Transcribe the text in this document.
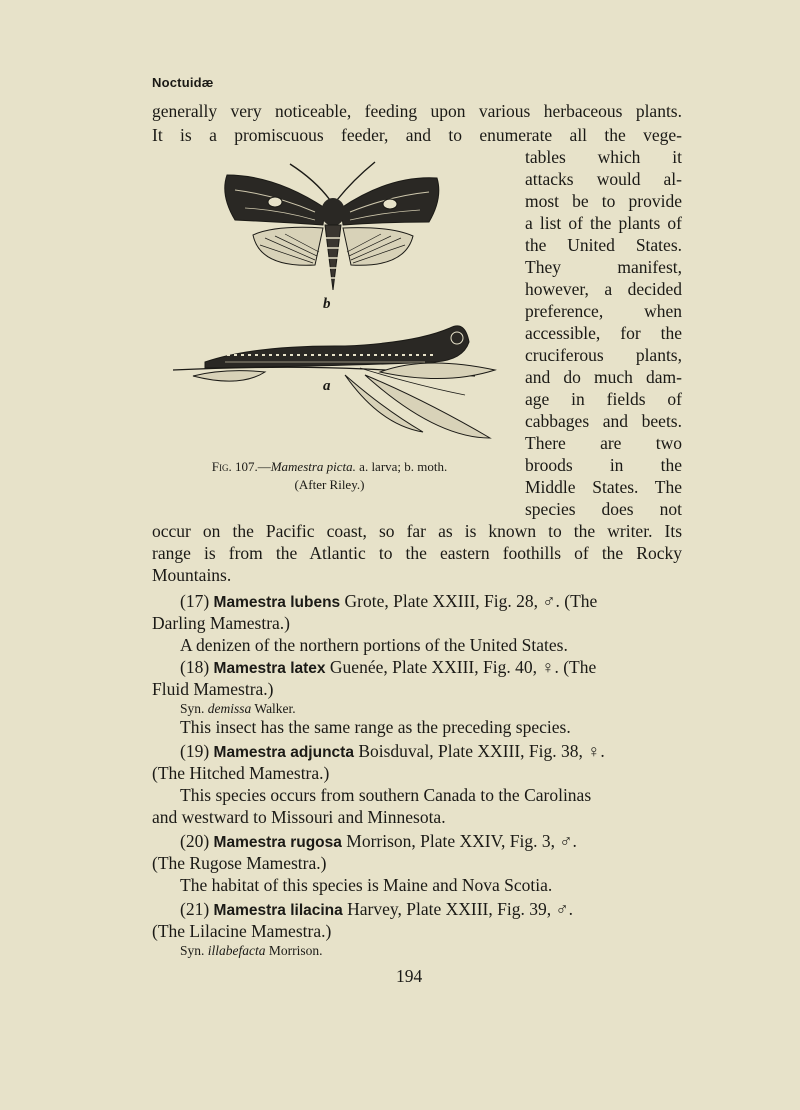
Noctuidæ
generally very noticeable, feeding upon various herbaceous plants.
It is a promiscuous feeder, and to enumerate all the vege-
tables which it
attacks would al-
most be to provide
a list of the plants of
the United States.
They manifest,
however, a decided
preference, when
accessible, for the
cruciferous plants,
and do much dam-
age in fields of
cabbages and beets.
There are two
broods in the
Middle States. The
species does not
b
a
Fig. 107.—Mamestra picta. a. larva; b. moth.
(After Riley.)
occur on the Pacific coast, so far as is known to the writer. Its
range is from the Atlantic to the eastern foothills of the Rocky
Mountains.
(17) Mamestra lubens Grote, Plate XXIII, Fig. 28, ♂. (The
Darling Mamestra.)
A denizen of the northern portions of the United States.
(18) Mamestra latex Guenée, Plate XXIII, Fig. 40, ♀. (The
Fluid Mamestra.)
Syn. demissa Walker.
This insect has the same range as the preceding species.
(19) Mamestra adjuncta Boisduval, Plate XXIII, Fig. 38, ♀.
(The Hitched Mamestra.)
This species occurs from southern Canada to the Carolinas
and westward to Missouri and Minnesota.
(20) Mamestra rugosa Morrison, Plate XXIV, Fig. 3, ♂.
(The Rugose Mamestra.)
The habitat of this species is Maine and Nova Scotia.
(21) Mamestra lilacina Harvey, Plate XXIII, Fig. 39, ♂.
(The Lilacine Mamestra.)
Syn. illabefacta Morrison.
194
